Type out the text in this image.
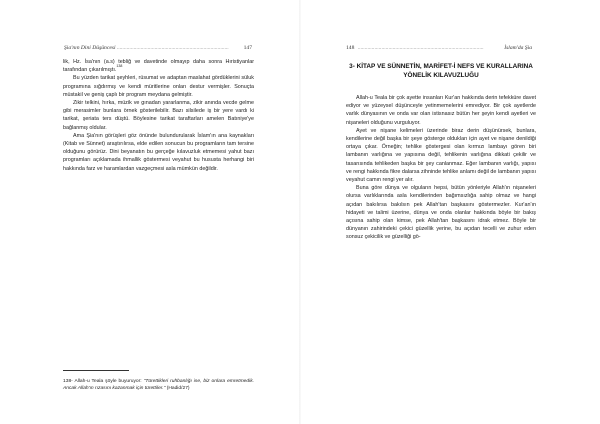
Şia'nın Dini Düşüncesi ................................................................................	147

lik, Hz. İsa'nın (a.s) tebliğ ve davetinde olmayıp daha sonra Hıristiyanlar tarafından çıkarılmıştı.$^{138}$

Bu yüzden tarikat şeyhleri, rüsumat ve adaptan maslahat gördüklerini süluk programına sığdırmış ve kendi müritlerine onları destur vermişler. Sonuçta müstakil ve geniş çaplı bir program meydana gelmiştir.

Zikir telkini, hırka, müzik ve gınadan yararlanma, zikir anında vecde gelme gibi merasimler bunlara örnek gösterilebilir. Bazı silsilede iş bir yere vardı ki tarikat, şeriata ters düştü. Böylesine tarikat taraftarları amelen Batıniye'ye bağlanmış oldular.

Ama Şia'nın görüşleri göz önünde bulundurularak İslam'ın ana kaynakları (Kitab ve Sünnet) araştırılırsa, elde edilen sonucun bu programların tam tersine olduğunu görürüz. Dini beyanatın bu gerçeğe kılavuzluk etmemesi yahut bazı programları açıklamada ihmallik göstermesi veyahut bu hususta herhangi biri hakkında farz ve haramlardan vazgeçmesi asla mümkün değildir.

138- Allah-u Teala şöyle buyuruyor: "Türettikleri ruhbanlığı ise, biz onlara emretmedik. Ancak Allah'ın rızasını kazanmak için türettiler." (Hadid/27)
148 ..........................................................................................	İslam'da Şia
3- KİTAP VE SÜNNETİN, MARİFET-İ NEFS VE KURALLARINA YÖNELİK KILAVUZLUĞU

Allah-u Teala bir çok ayette insanları Kur'an hakkında derin tefekküre davet ediyor ve yüzeysel düşünceyle yetinmemelerini emrediyor. Bir çok ayetlerde varlık dünyasının ve onda var olan istisnasız bütün her şeyin kendi ayetleri ve nişaneleri olduğunu vurguluyor.

Ayet ve nişane kelimeleri üzerinde biraz derin düşünürsek, bunlara, kendilerine değil başka bir şeye gösterge oldukları için ayet ve nişane denildiği ortaya çıkar. Örneğin; tehlike göstergesi olan kırmızı lambayı gören biri lambanın varlığına ve yapısına değil, tehlikenin varlığına dikkati çekilir ve tasarısında tehlikeden başka bir şey canlanmaz. Eğer lambanın varlığı, yapısı ve rengi hakkında fikre dalarsa zihninde tehlike anlamı değil de lambanın yapısı veyahut camın rengi yer alır.

Buna göre dünya ve olguların hepsi, bütün yönleriyle Allah'ın nişaneleri olursa varlıklarında asla kendilerinden bağımsızlığa sahip olmaz ve hangi açıdan bakılırsa bakılsın pek Allah'tan başkasını göstermezler. Kur'an'ın hidayeti ve talimi üzerine, dünya ve onda olanlar hakkında böyle bir bakış açısına sahip olan kimse, pek Allah'tan başkasını idrak etmez. Böyle bir dünyanın zahirindeki çekici güzellik yerine, bu açıdan tecelli ve zuhur eden sonsuz çekicilik ve güzelliği gö-
